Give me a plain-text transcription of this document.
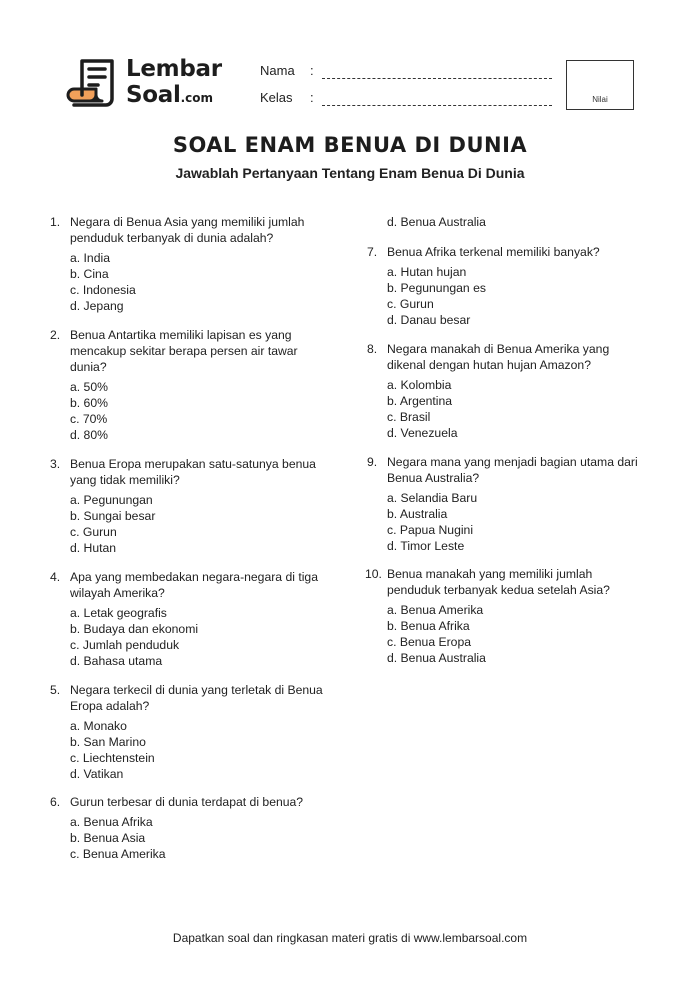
Lembar
Soal.com
Nama :
Kelas :	Nilai
SOAL ENAM BENUA DI DUNIA
Jawablah Pertanyaan Tentang Enam Benua Di Dunia
1. Negara di Benua Asia yang memiliki jumlah penduduk terbanyak di dunia adalah?

a. India
b. Cina
c. Indonesia
d. Jepang
2. Benua Antartika memiliki lapisan es yang mencakup sekitar berapa persen air tawar dunia?

a. 50%
b. 60%
c. 70%
d. 80%
3. Benua Eropa merupakan satu-satunya benua yang tidak memiliki?

a. Pegunungan
b. Sungai besar
c. Gurun
d. Hutan
4. Apa yang membedakan negara-negara di tiga wilayah Amerika?

a. Letak geografis
b. Budaya dan ekonomi
c. Jumlah penduduk
d. Bahasa utama
5. Negara terkecil di dunia yang terletak di Benua Eropa adalah?

a. Monako
b. San Marino
c. Liechtenstein
d. Vatikan
6. Gurun terbesar di dunia terdapat di benua?

a. Benua Afrika
b. Benua Asia
c. Benua Amerika
d. Benua Australia
7. Benua Afrika terkenal memiliki banyak?

a. Hutan hujan
b. Pegunungan es
c. Gurun
d. Danau besar
8. Negara manakah di Benua Amerika yang dikenal dengan hutan hujan Amazon?

a. Kolombia
b. Argentina
c. Brasil
d. Venezuela
9. Negara mana yang menjadi bagian utama dari Benua Australia?

a. Selandia Baru
b. Australia
c. Papua Nugini
d. Timor Leste
10. Benua manakah yang memiliki jumlah penduduk terbanyak kedua setelah Asia?

a. Benua Amerika
b. Benua Afrika
c. Benua Eropa
d. Benua Australia
Dapatkan soal dan ringkasan materi gratis di www.lembarsoal.com
